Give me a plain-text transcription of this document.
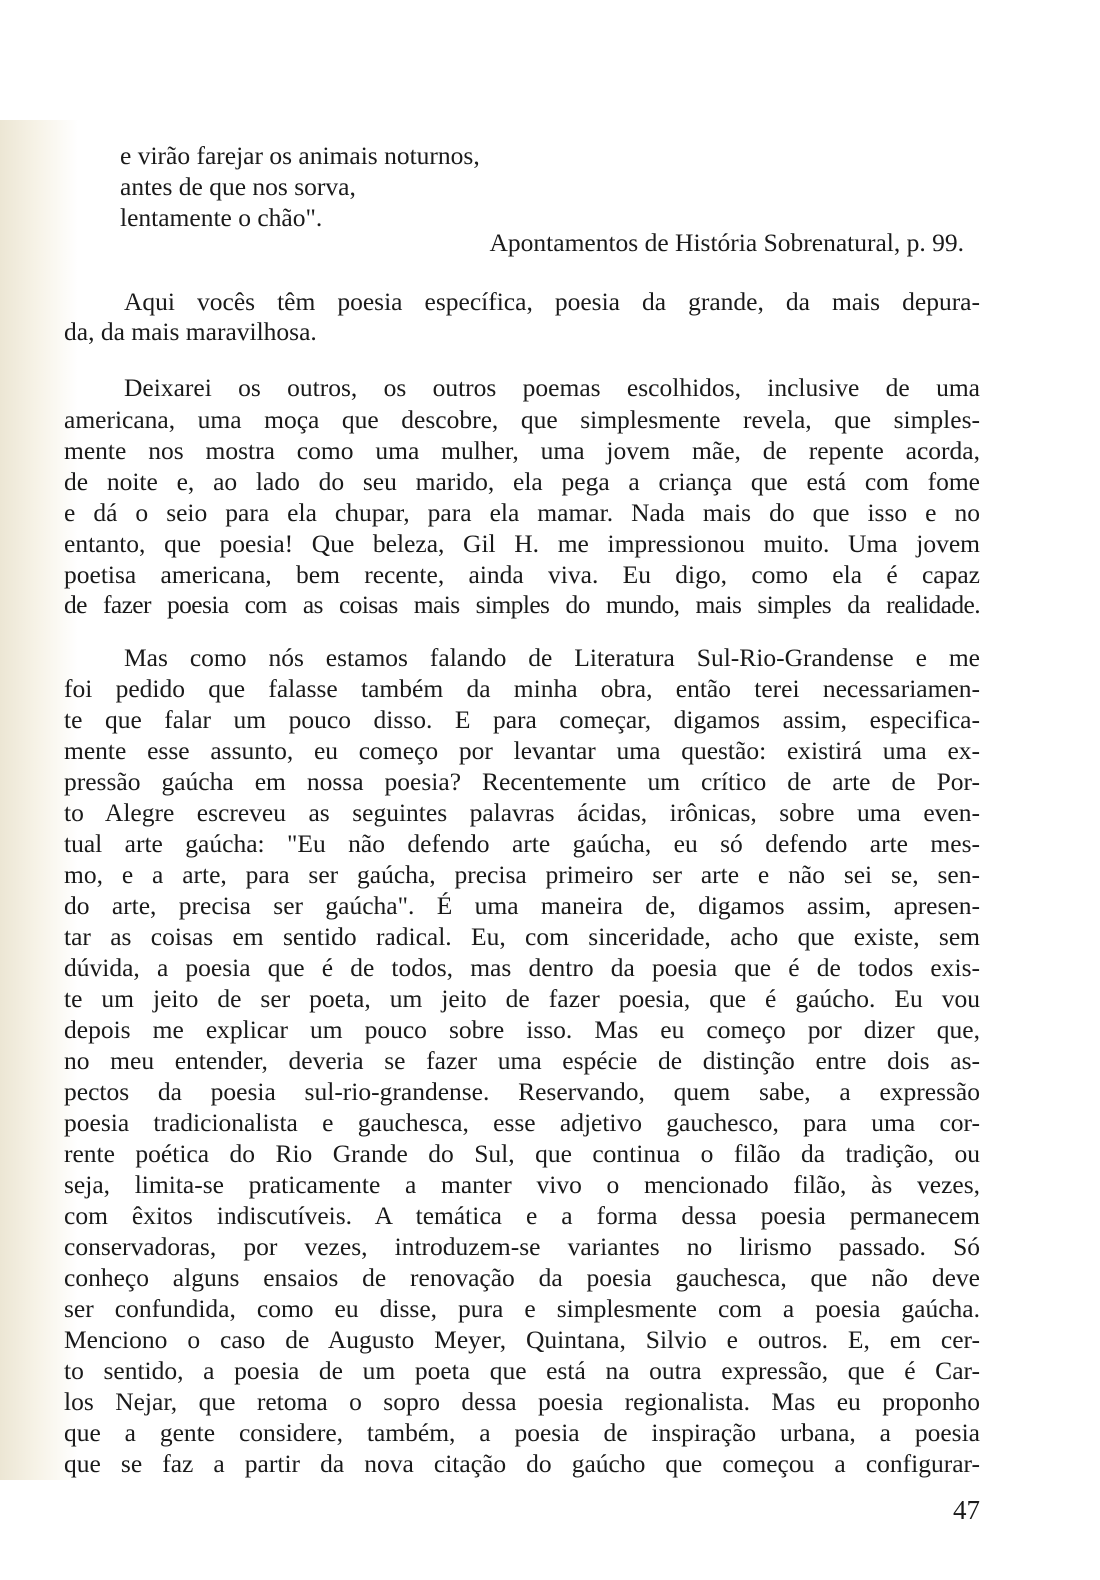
e virão farejar os animais noturnos,
antes de que nos sorva,
lentamente o chão".
Apontamentos de História Sobrenatural, p. 99.
Aqui vocês têm poesia específica, poesia da grande, da mais depura-
da, da mais maravilhosa.
Deixarei os outros, os outros poemas escolhidos, inclusive de uma
americana, uma moça que descobre, que simplesmente revela, que simples-
mente nos mostra como uma mulher, uma jovem mãe, de repente acorda,
de noite e, ao lado do seu marido, ela pega a criança que está com fome
e dá o seio para ela chupar, para ela mamar. Nada mais do que isso e no
entanto, que poesia! Que beleza, Gil H. me impressionou muito. Uma jovem
poetisa americana, bem recente, ainda viva. Eu digo, como ela é capaz
de fazer poesia com as coisas mais simples do mundo, mais simples da realidade.
Mas como nós estamos falando de Literatura Sul-Rio-Grandense e me
foi pedido que falasse também da minha obra, então terei necessariamen-
te que falar um pouco disso. E para começar, digamos assim, especifica-
mente esse assunto, eu começo por levantar uma questão: existirá uma ex-
pressão gaúcha em nossa poesia? Recentemente um crítico de arte de Por-
to Alegre escreveu as seguintes palavras ácidas, irônicas, sobre uma even-
tual arte gaúcha: "Eu não defendo arte gaúcha, eu só defendo arte mes-
mo, e a arte, para ser gaúcha, precisa primeiro ser arte e não sei se, sen-
do arte, precisa ser gaúcha". É uma maneira de, digamos assim, apresen-
tar as coisas em sentido radical. Eu, com sinceridade, acho que existe, sem
dúvida, a poesia que é de todos, mas dentro da poesia que é de todos exis-
te um jeito de ser poeta, um jeito de fazer poesia, que é gaúcho. Eu vou
depois me explicar um pouco sobre isso. Mas eu começo por dizer que,
no meu entender, deveria se fazer uma espécie de distinção entre dois as-
pectos da poesia sul-rio-grandense. Reservando, quem sabe, a expressão
poesia tradicionalista e gauchesca, esse adjetivo gauchesco, para uma cor-
rente poética do Rio Grande do Sul, que continua o filão da tradição, ou
seja, limita-se praticamente a manter vivo o mencionado filão, às vezes,
com êxitos indiscutíveis. A temática e a forma dessa poesia permanecem
conservadoras, por vezes, introduzem-se variantes no lirismo passado. Só
conheço alguns ensaios de renovação da poesia gauchesca, que não deve
ser confundida, como eu disse, pura e simplesmente com a poesia gaúcha.
Menciono o caso de Augusto Meyer, Quintana, Silvio e outros. E, em cer-
to sentido, a poesia de um poeta que está na outra expressão, que é Car-
los Nejar, que retoma o sopro dessa poesia regionalista. Mas eu proponho
que a gente considere, também, a poesia de inspiração urbana, a poesia
que se faz a partir da nova citação do gaúcho que começou a configurar-
47
